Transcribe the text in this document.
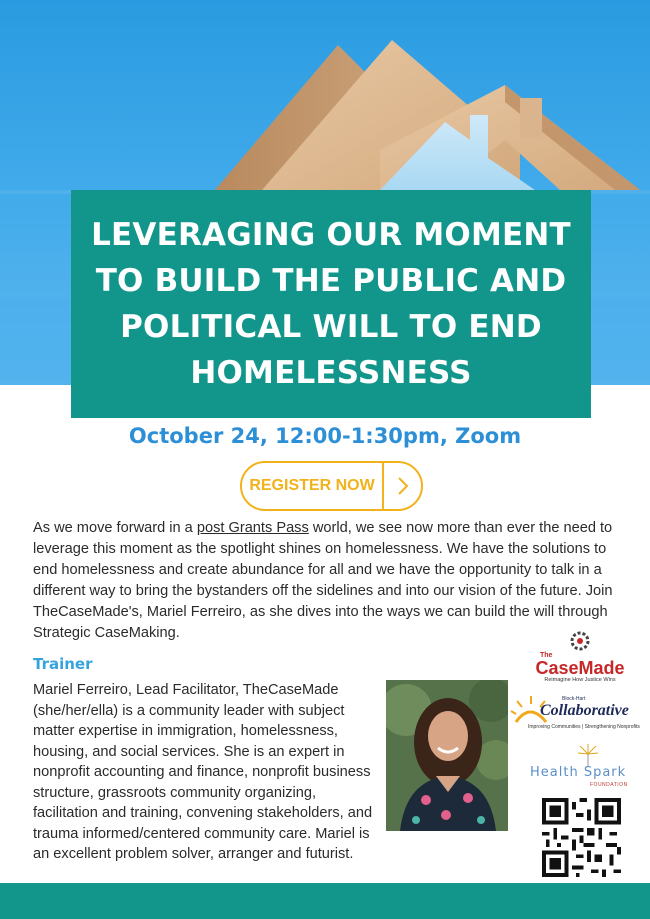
LEVERAGING OUR MOMENT TO BUILD THE PUBLIC AND POLITICAL WILL TO END HOMELESSNESS
October 24, 12:00-1:30pm, Zoom
REGISTER NOW

As we move forward in a post Grants Pass world, we see now more than ever the need to leverage this moment as the spotlight shines on homelessness. We have the solutions to end homelessness and create abundance for all and we have the opportunity to talk in a different way to bring the bystanders off the sidelines and into our vision of the future. Join TheCaseMade's, Mariel Ferreiro, as she dives into the ways we can build the will through Strategic CaseMaking.

Trainer

Mariel Ferreiro, Lead Facilitator, TheCaseMade (she/her/ella) is a community leader with subject matter expertise in immigration, homelessness, housing, and social services. She is an expert in nonprofit accounting and finance, nonprofit business structure, grassroots community organizing, facilitation and training, convening stakeholders, and trauma informed/centered community care. Mariel is an excellent problem solver, arranger and futurist.

The
CaseMade
Reimagine How Justice Wins
Block-Hart
Collaborative
Improving Communities | Strengthening Nonprofits
Health Spark
FOUNDATION
